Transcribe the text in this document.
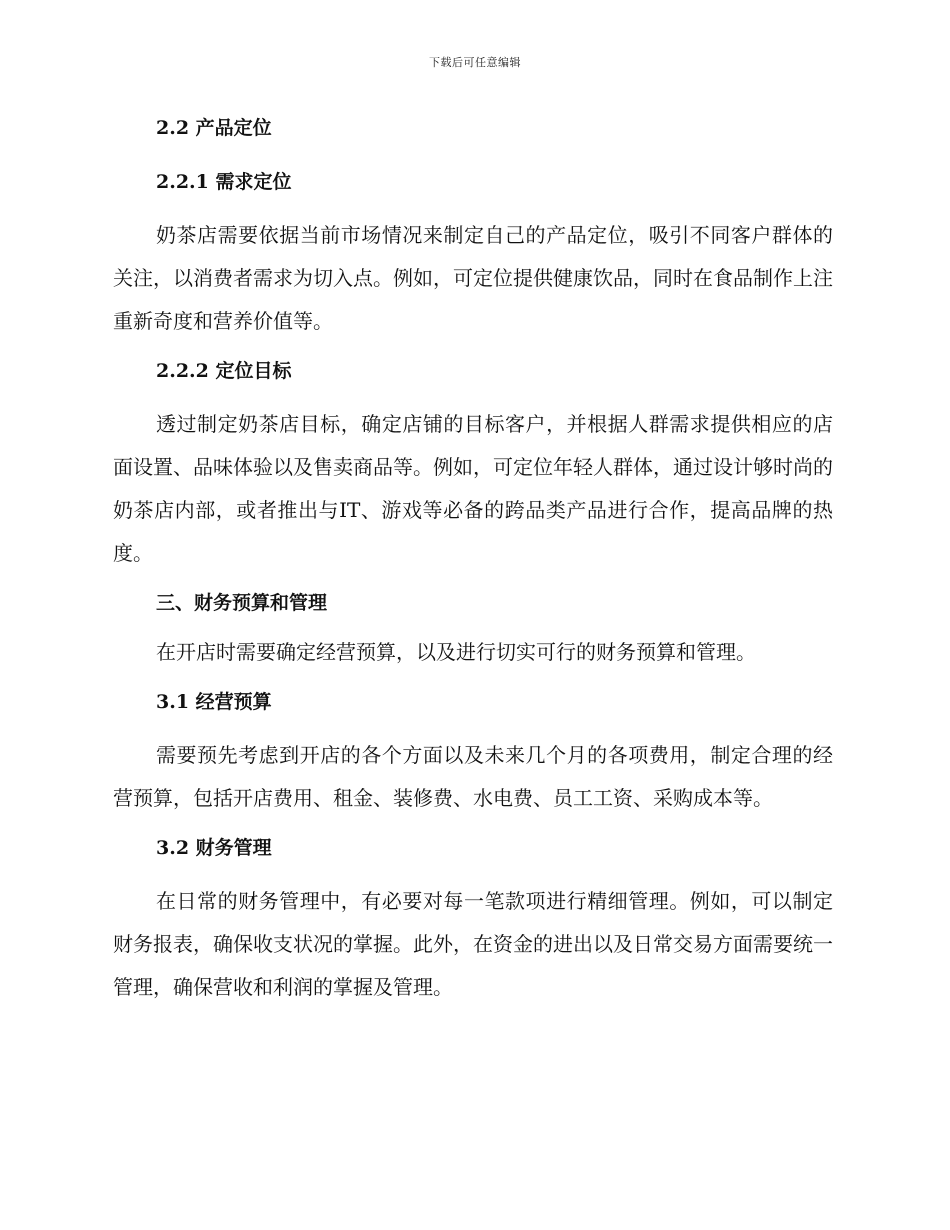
下载后可任意编辑
2.2 产品定位
2.2.1 需求定位

奶茶店需要依据当前市场情况来制定自己的产品定位，吸引不同客户群体的关注，以消费者需求为切入点。例如，可定位提供健康饮品，同时在食品制作上注重新奇度和营养价值等。

2.2.2 定位目标

透过制定奶茶店目标，确定店铺的目标客户，并根据人群需求提供相应的店面设置、品味体验以及售卖商品等。例如，可定位年轻人群体，通过设计够时尚的奶茶店内部，或者推出与IT、游戏等必备的跨品类产品进行合作，提高品牌的热度。

三、财务预算和管理

在开店时需要确定经营预算，以及进行切实可行的财务预算和管理。

3.1 经营预算

需要预先考虑到开店的各个方面以及未来几个月的各项费用，制定合理的经营预算，包括开店费用、租金、装修费、水电费、员工工资、采购成本等。

3.2 财务管理

在日常的财务管理中，有必要对每一笔款项进行精细管理。例如，可以制定财务报表，确保收支状况的掌握。此外，在资金的进出以及日常交易方面需要统一管理，确保营收和利润的掌握及管理。
